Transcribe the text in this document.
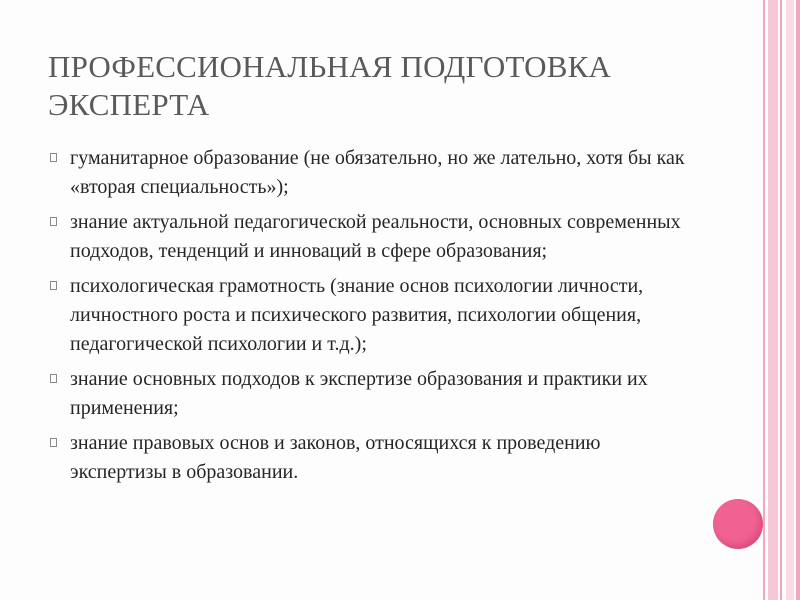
ПРОФЕССИОНАЛЬНАЯ ПОДГОТОВКА ЭКСПЕРТА
гуманитарное образование (не обязательно, но же лательно, хотя бы как «вторая специальность»);
знание актуальной педагогической реальности, основных современных подходов, тенденций и инноваций в сфере образования;
психологическая грамотность (знание основ психологии личности, личностного роста и психического развития, психологии общения, педагогической психологии и т.д.);
знание основных подходов к экспертизе образования и практики их применения;
знание правовых основ и законов, относящихся к проведению экспертизы в образовании.
